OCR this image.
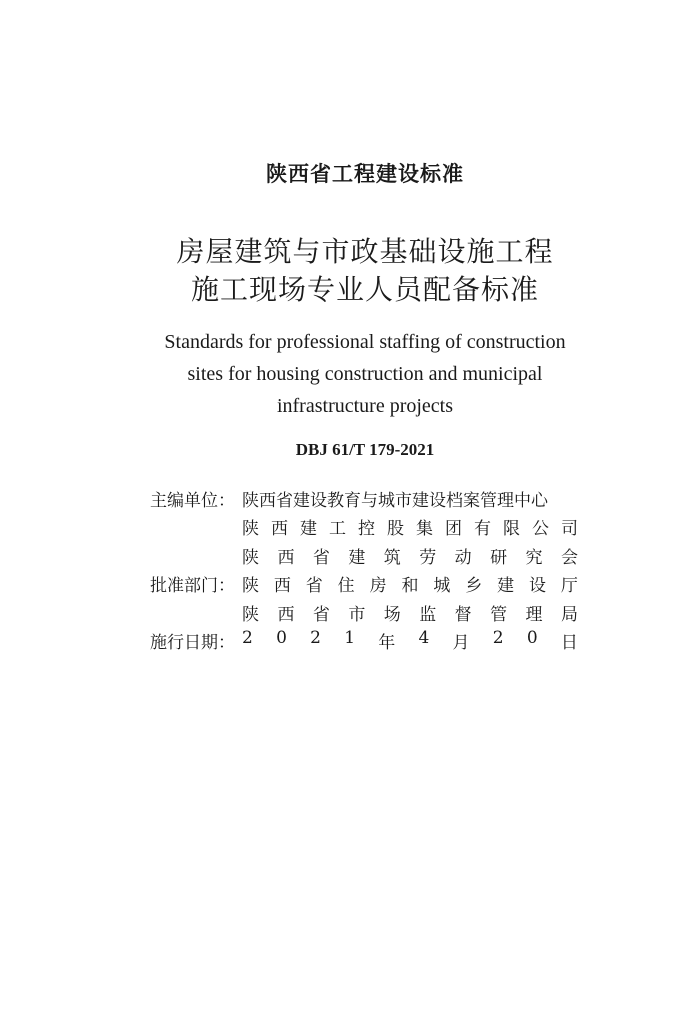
陕西省工程建设标准
房屋建筑与市政基础设施工程
施工现场专业人员配备标准
Standards for professional staffing of construction
sites for housing construction and municipal
infrastructure projects
DBJ 61/T 179-2021
主编单位： 陕西省建设教育与城市建设档案管理中心
陕 西 建 工 控 股 集 团 有 限 公 司
陕 西 省 建 筑 劳 动 研 究 会
批准部门： 陕 西 省 住 房 和 城 乡 建 设 厅
陕 西 省 市 场 监 督 管 理 局
施行日期： 2 0 2 1 年 4 月 2 0 日
